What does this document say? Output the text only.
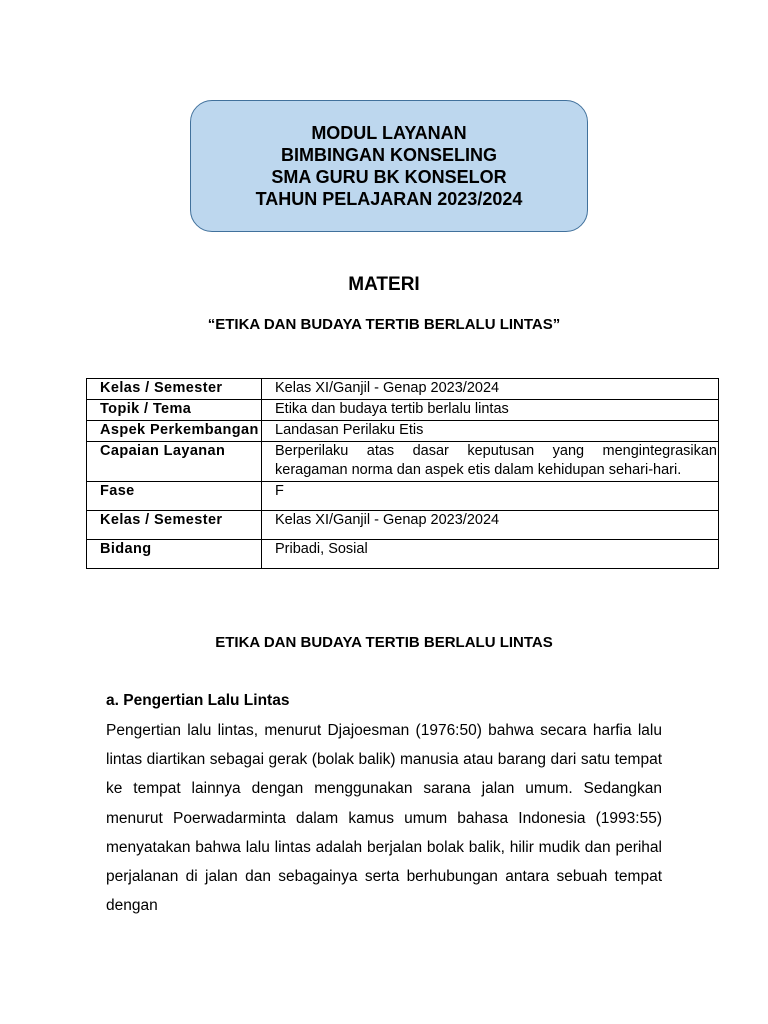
MODUL LAYANAN
BIMBINGAN KONSELING
SMA GURU BK KONSELOR
TAHUN PELAJARAN 2023/2024
MATERI
“ETIKA DAN BUDAYA TERTIB BERLALU LINTAS”
Kelas / Semester	Kelas XI/Ganjil - Genap 2023/2024
Topik / Tema	Etika dan budaya tertib berlalu lintas
Aspek Perkembangan	Landasan Perilaku Etis
Capaian Layanan	Berperilaku atas dasar keputusan yang mengintegrasikan keragaman norma dan aspek etis dalam kehidupan sehari-hari.
Fase	F
Kelas / Semester	Kelas XI/Ganjil - Genap 2023/2024
Bidang	Pribadi, Sosial
ETIKA DAN BUDAYA TERTIB BERLALU LINTAS
a. Pengertian Lalu Lintas
Pengertian lalu lintas, menurut Djajoesman (1976:50) bahwa secara harfia lalu lintas diartikan sebagai gerak (bolak balik) manusia atau barang dari satu tempat ke tempat lainnya dengan menggunakan sarana jalan umum. Sedangkan menurut Poerwadarminta dalam kamus umum bahasa Indonesia (1993:55) menyatakan bahwa lalu lintas adalah berjalan bolak balik, hilir mudik dan perihal perjalanan di jalan dan sebagainya serta berhubungan antara sebuah tempat dengan
